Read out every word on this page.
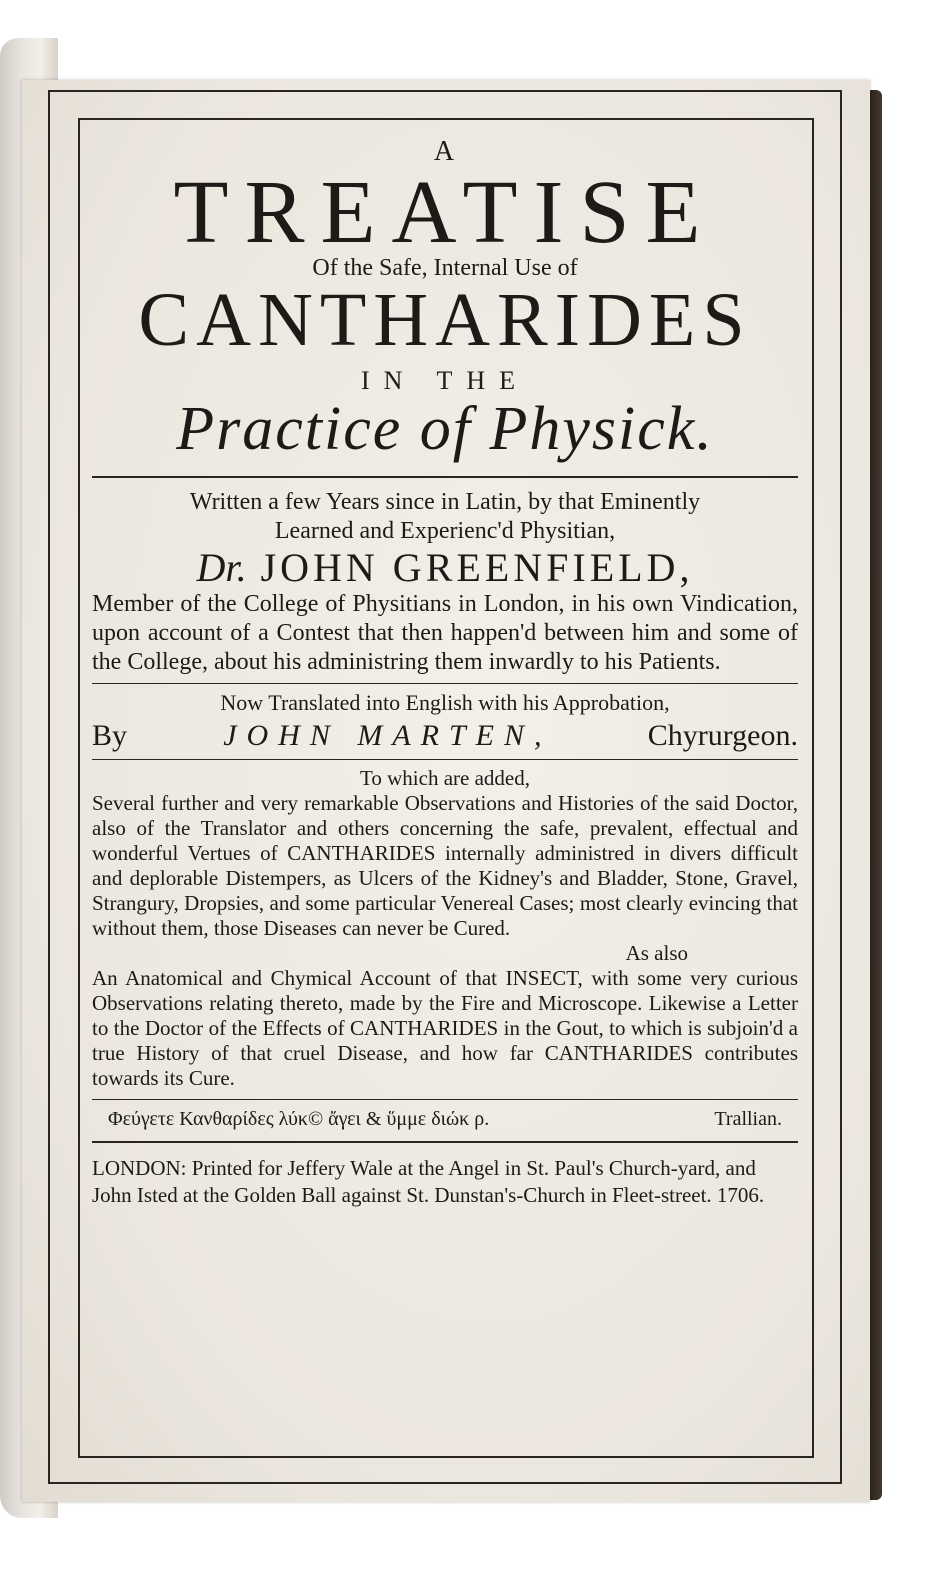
A
TREATISE
Of the Safe, Internal Use of
CANTHARIDES
IN THE
Practice of Physick.
Written a few Years since in Latin, by that Eminently
Learned and Experienc'd Physitian,
Dr. JOHN GREENFIELD,
Member of the College of Physitians in London, in his own Vindication, upon account of a Contest that then happen'd between him and some of the College, about his administring them inwardly to his Patients.
Now Translated into English with his Approbation,
By	JOHN MARTEN,	Chyrurgeon.
To which are added,
Several further and very remarkable Observations and Histories of the said Doctor, also of the Translator and others concerning the safe, prevalent, effectual and wonderful Vertues of CANTHARIDES internally administred in divers difficult and deplorable Distempers, as Ulcers of the Kidney's and Bladder, Stone, Gravel, Strangury, Dropsies, and some particular Venereal Cases; most clearly evincing that without them, those Diseases can never be Cured.
As also
An Anatomical and Chymical Account of that INSECT, with some very curious Observations relating thereto, made by the Fire and Microscope. Likewise a Letter to the Doctor of the Effects of CANTHARIDES in the Gout, to which is subjoin'd a true History of that cruel Disease, and how far CANTHARIDES contributes towards its Cure.
Φεύγετε Κανθαρίδες λύκ© ἄγει & ὕμμε διώκ ρ.	Trallian.
LONDON: Printed for Jeffery Wale at the Angel in St. Paul's Church-yard, and John Isted at the Golden Ball against St. Dunstan's-Church in Fleet-street. 1706.
